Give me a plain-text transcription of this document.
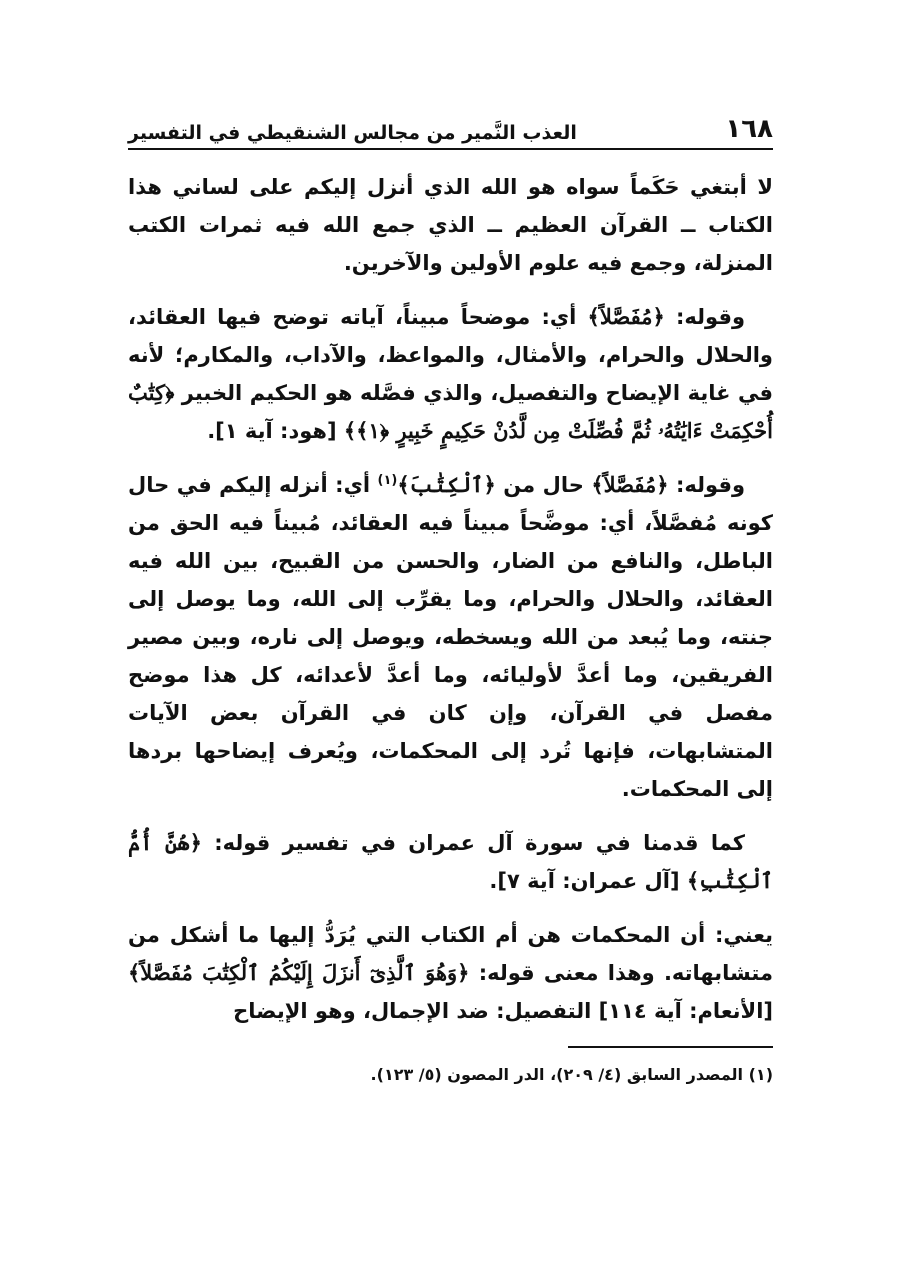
١٦٨
العذب النَّمير من مجالس الشنقيطي في التفسير

لا أبتغي حَكَماً سواه هو الله الذي أنزل إليكم على لساني هذا الكتاب ــ القرآن العظيم ــ الذي جمع الله فيه ثمرات الكتب المنزلة، وجمع فيه علوم الأولين والآخرين.

وقوله: ﴿مُفَصَّلاً﴾ أي: موضحاً مبيناً، آياته توضح فيها العقائد، والحلال والحرام، والأمثال، والمواعظ، والآداب، والمكارم؛ لأنه في غاية الإيضاح والتفصيل، والذي فصَّله هو الحكيم الخبير ﴿كِتَٰبٌ أُحْكِمَتْ ءَايَٰتُهُۥ ثُمَّ فُصِّلَتْ مِن لَّدُنْ حَكِيمٍ خَبِيرٍ ﴿١﴾﴾ [هود: آية ١].

وقوله: ﴿مُفَصَّلاً﴾ حال من ﴿ٱلْكِتَٰبَ﴾$^{(١)}$ أي: أنزله إليكم في حال كونه مُفصَّلاً، أي: موضَّحاً مبيناً فيه العقائد، مُبيناً فيه الحق من الباطل، والنافع من الضار، والحسن من القبيح، بين الله فيه العقائد، والحلال والحرام، وما يقرِّب إلى الله، وما يوصل إلى جنته، وما يُبعد من الله ويسخطه، ويوصل إلى ناره، وبين مصير الفريقين، وما أعدَّ لأوليائه، وما أعدَّ لأعدائه، كل هذا موضح مفصل في القرآن، وإن كان في القرآن بعض الآيات المتشابهات، فإنها تُرد إلى المحكمات، ويُعرف إيضاحها بردها إلى المحكمات.

كما قدمنا في سورة آل عمران في تفسير قوله: ﴿هُنَّ أُمُّ ٱلْكِتَٰبِ﴾ [آل عمران: آية ٧].

يعني: أن المحكمات هن أم الكتاب التي يُرَدُّ إليها ما أشكل من متشابهاته. وهذا معنى قوله: ﴿وَهُوَ ٱلَّذِىٓ أَنزَلَ إِلَيْكُمُ ٱلْكِتَٰبَ مُفَصَّلاً﴾ [الأنعام: آية ١١٤] التفصيل: ضد الإجمال، وهو الإيضاح

(١) المصدر السابق (٤/ ٢٠٩)، الدر المصون (٥/ ١٢٣).
